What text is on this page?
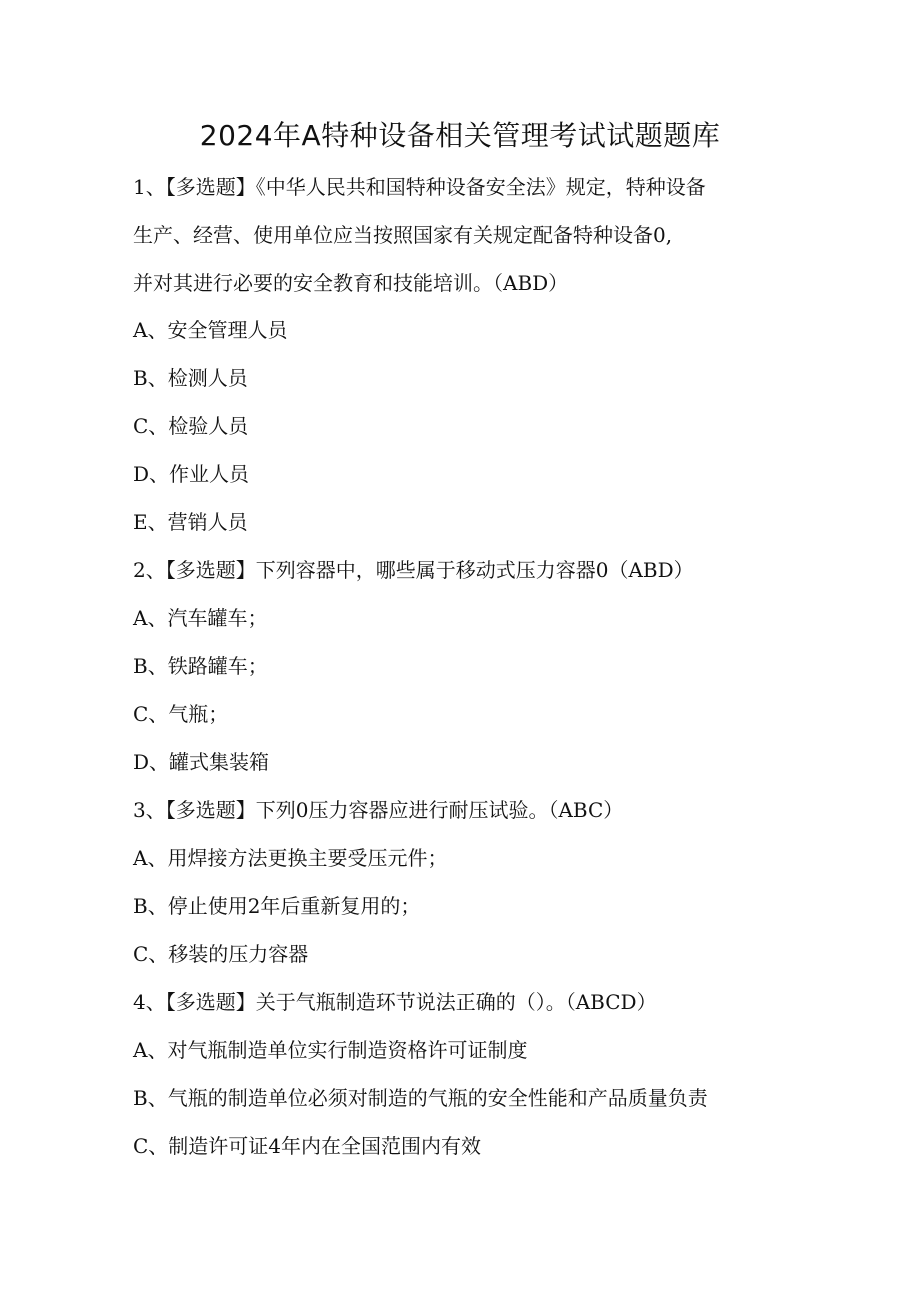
2024年A特种设备相关管理考试试题题库
1、【多选题】《中华人民共和国特种设备安全法》规定，特种设备
生产、经营、使用单位应当按照国家有关规定配备特种设备0,
并对其进行必要的安全教育和技能培训。（ABD）
A、安全管理人员
B、检测人员
C、检验人员
D、作业人员
E、营销人员
2、【多选题】下列容器中，哪些属于移动式压力容器0（ABD）
A、汽车罐车；
B、铁路罐车；
C、气瓶；
D、罐式集装箱
3、【多选题】下列0压力容器应进行耐压试验。（ABC）
A、用焊接方法更换主要受压元件；
B、停止使用2年后重新复用的；
C、移装的压力容器
4、【多选题】关于气瓶制造环节说法正确的（）。（ABCD）
A、对气瓶制造单位实行制造资格许可证制度
B、气瓶的制造单位必须对制造的气瓶的安全性能和产品质量负责
C、制造许可证4年内在全国范围内有效
